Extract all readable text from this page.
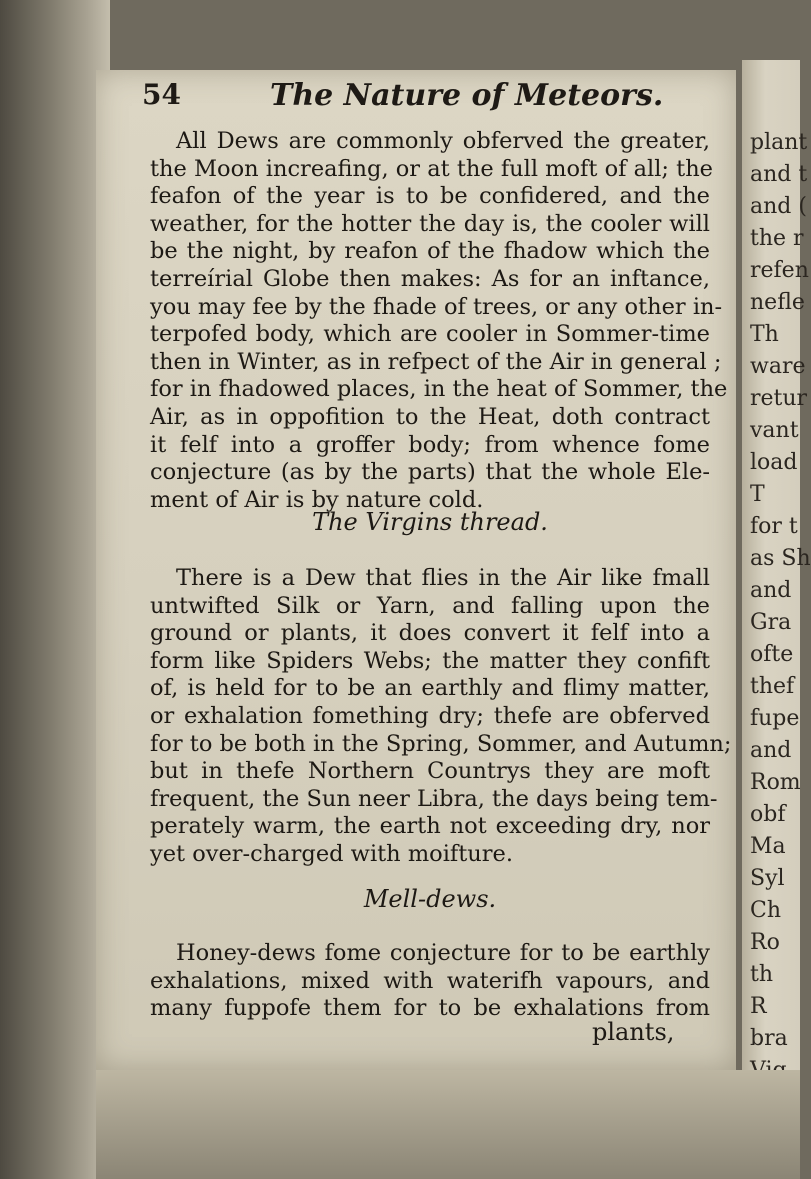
plant
and t
and (
the r
refen
nefle
Th
ware
retur
vant
load
T
for t
as Sh
and
Gra
ofte
thef
fupe
and
Rom
obf
Ma
Syl
Ch
Ro
th
R
bra
54	The Nature of Meteors.
All Dews are commonly obferved the greater,
the Moon increafing, or at the full moft of all; the
feafon of the year is to be confidered, and the
weather, for the hotter the day is, the cooler will
be the night, by reafon of the fhadow which the
terreírial Globe then makes: As for an inftance,
you may fee by the fhade of trees, or any other in-
terpofed body, which are cooler in Sommer-time
then in Winter, as in refpect of the Air in general ;
for in fhadowed places, in the heat of Sommer, the
Air, as in oppofition to the Heat, doth contract
it felf into a groffer body; from whence fome
conjecture (as by the parts) that the whole Ele-
ment of Air is by nature cold.
The Virgins thread.
There is a Dew that flies in the Air like fmall
untwifted Silk or Yarn, and falling upon the
ground or plants, it does convert it felf into a
form like Spiders Webs; the matter they confift
of, is held for to be an earthly and flimy matter,
or exhalation fomething dry; thefe are obferved
for to be both in the Spring, Sommer, and Autumn;
but in thefe Northern Countrys they are moft
frequent, the Sun neer Libra, the days being tem-
perately warm, the earth not exceeding dry, nor
yet over-charged with moifture.
Mell-dews.
Honey-dews fome conjecture for to be earthly
exhalations, mixed with waterifh vapours, and
many fuppofe them for to be exhalations from
plants,
